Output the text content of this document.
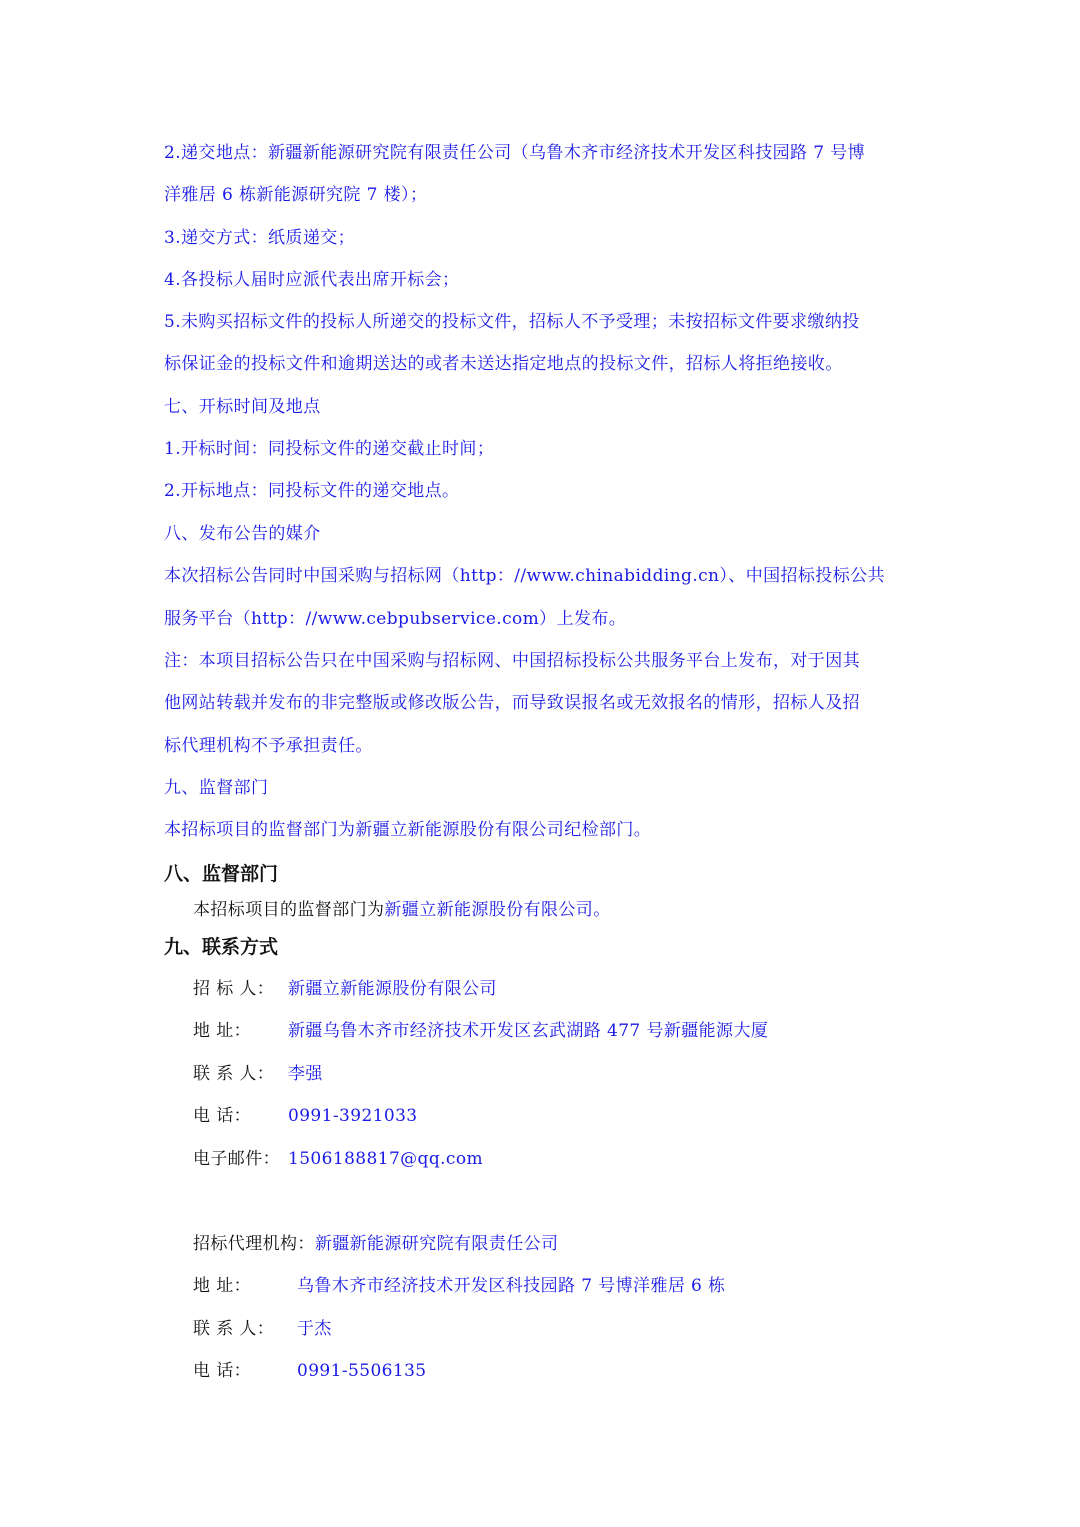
2.递交地点：新疆新能源研究院有限责任公司（乌鲁木齐市经济技术开发区科技园路 7 号博
洋雅居 6 栋新能源研究院 7 楼）；
3.递交方式：纸质递交；
4.各投标人届时应派代表出席开标会；
5.未购买招标文件的投标人所递交的投标文件，招标人不予受理；未按招标文件要求缴纳投
标保证金的投标文件和逾期送达的或者未送达指定地点的投标文件，招标人将拒绝接收。
七、开标时间及地点
1.开标时间：同投标文件的递交截止时间；
2.开标地点：同投标文件的递交地点。
八、发布公告的媒介
本次招标公告同时中国采购与招标网（http：//www.chinabidding.cn）、中国招标投标公共
服务平台（http：//www.cebpubservice.com）上发布。
注：本项目招标公告只在中国采购与招标网、中国招标投标公共服务平台上发布，对于因其
他网站转载并发布的非完整版或修改版公告，而导致误报名或无效报名的情形，招标人及招
标代理机构不予承担责任。
九、监督部门
本招标项目的监督部门为新疆立新能源股份有限公司纪检部门。
八、监督部门
本招标项目的监督部门为新疆立新能源股份有限公司。
九、联系方式
招 标 人： 新疆立新能源股份有限公司
地 址： 新疆乌鲁木齐市经济技术开发区玄武湖路 477 号新疆能源大厦
联 系 人： 李强
电 话： 0991-3921033
电子邮件： 1506188817@qq.com
招标代理机构：新疆新能源研究院有限责任公司
地 址：	乌鲁木齐市经济技术开发区科技园路 7 号博洋雅居 6 栋
联 系 人： 于杰
电 话：	0991-5506135
